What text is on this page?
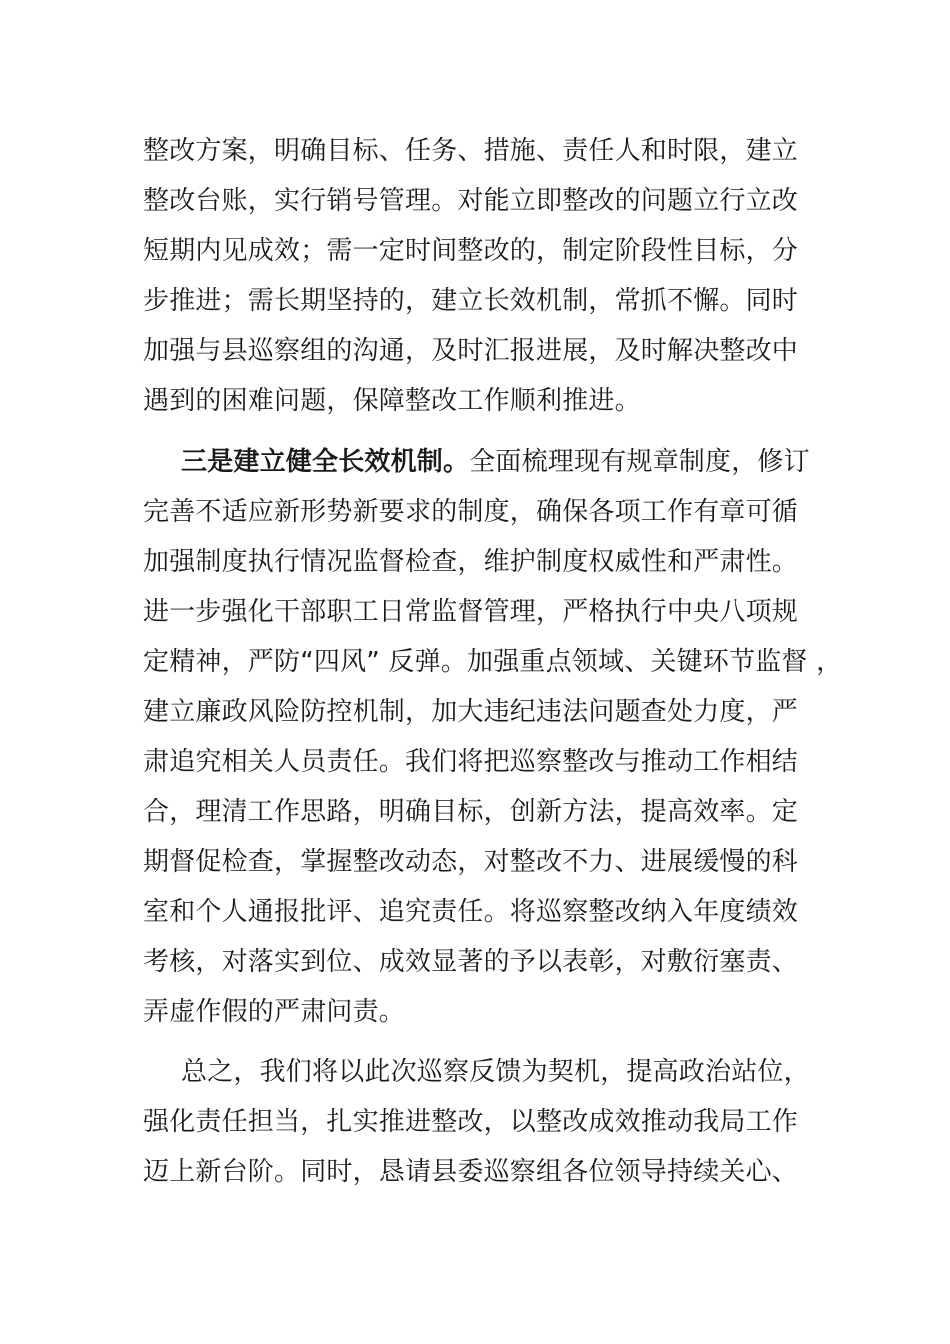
整改方案，明确目标、任务、措施、责任人和时限，建立
整改台账，实行销号管理。对能立即整改的问题立行立改
短期内见成效；需一定时间整改的，制定阶段性目标，分
步推进；需长期坚持的，建立长效机制，常抓不懈。同时
加强与县巡察组的沟通，及时汇报进展，及时解决整改中
遇到的困难问题，保障整改工作顺利推进。
三是建立健全长效机制。全面梳理现有规章制度，修订
完善不适应新形势新要求的制度，确保各项工作有章可循
加强制度执行情况监督检查，维护制度权威性和严肃性。
进一步强化干部职工日常监督管理，严格执行中央八项规
定精神，严防“四风” 反弹。加强重点领域、关键环节监督 ，
建立廉政风险防控机制，加大违纪违法问题查处力度，严
肃追究相关人员责任。我们将把巡察整改与推动工作相结
合，理清工作思路，明确目标，创新方法，提高效率。定
期督促检查，掌握整改动态，对整改不力、进展缓慢的科
室和个人通报批评、追究责任。将巡察整改纳入年度绩效
考核，对落实到位、成效显著的予以表彰，对敷衍塞责、
弄虚作假的严肃问责。
总之，我们将以此次巡察反馈为契机，提高政治站位，
强化责任担当，扎实推进整改，以整改成效推动我局工作
迈上新台阶。同时，恳请县委巡察组各位领导持续关心、
